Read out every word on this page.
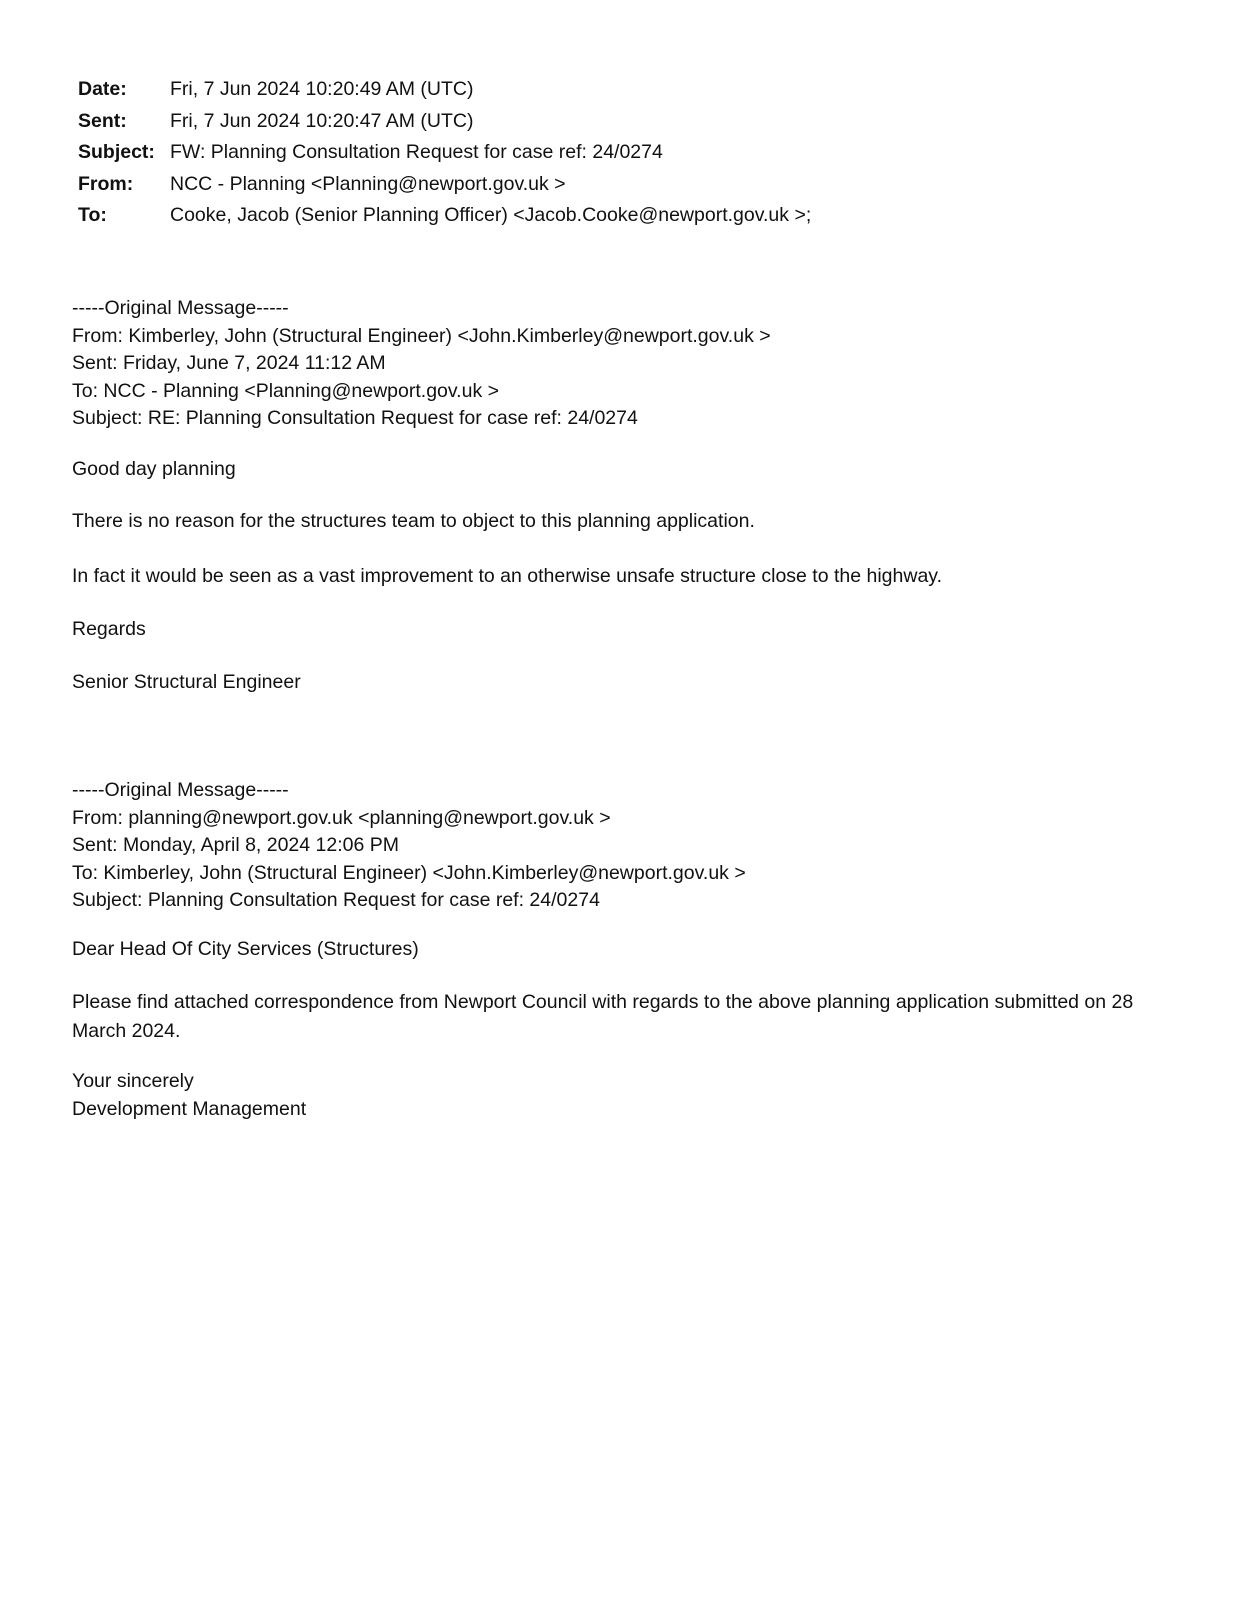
Date:	Fri, 7 Jun 2024 10:20:49 AM (UTC)
Sent:	Fri, 7 Jun 2024 10:20:47 AM (UTC)
Subject: FW: Planning Consultation Request for case ref: 24/0274
From:	NCC - Planning <Planning@newport.gov.uk >
To:	Cooke, Jacob (Senior Planning Officer) <Jacob.Cooke@newport.gov.uk >;
-----Original Message-----
From: Kimberley, John (Structural Engineer) <John.Kimberley@newport.gov.uk >
Sent: Friday, June 7, 2024 11:12 AM
To: NCC - Planning <Planning@newport.gov.uk >
Subject: RE: Planning Consultation Request for case ref: 24/0274
Good day planning
There is no reason for the structures team to object to this planning application.
In fact it would be seen as a vast improvement to an otherwise unsafe structure close to the highway.
Regards
Senior Structural Engineer
-----Original Message-----
From: planning@newport.gov.uk <planning@newport.gov.uk >
Sent: Monday, April 8, 2024 12:06 PM
To: Kimberley, John (Structural Engineer) <John.Kimberley@newport.gov.uk >
Subject: Planning Consultation Request for case ref: 24/0274
Dear Head Of City Services (Structures)
Please find attached correspondence from Newport Council with regards to the above planning application submitted on 28 March 2024.
Your sincerely
Development Management
